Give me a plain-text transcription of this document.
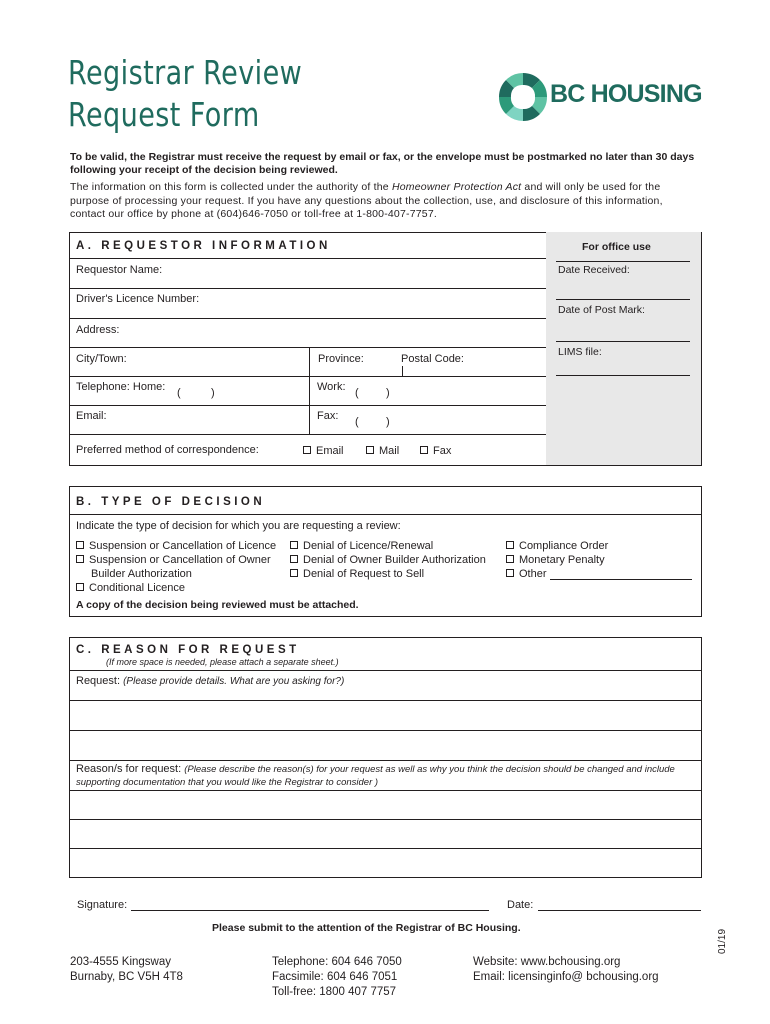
Registrar Review
Request Form
BC HOUSING
To be valid, the Registrar must receive the request by email or fax, or the envelope must be postmarked no later than 30 days
following your receipt of the decision being reviewed.
The information on this form is collected under the authority of the Homeowner Protection Act and will only be used for the
purpose of processing your request. If you have any questions about the collection, use, and disclosure of this information,
contact our office by phone at (604)646-7050 or toll-free at 1-800-407-7757.
A. REQUESTOR INFORMATION	For office use
Requestor Name:
Driver's Licence Number:
Address:
City/Town:	Province:	Postal Code:
Telephone: Home: (	)	Work: ( )
Email:	Fax: ( )
Preferred method of correspondence:	Email	Mail	Fax
Date Received:
Date of Post Mark:
LIMS file:
B. TYPE OF DECISION
Indicate the type of decision for which you are requesting a review:
Suspension or Cancellation of Licence
Suspension or Cancellation of Owner
Builder Authorization
Conditional Licence
Denial of Licence/Renewal
Denial of Owner Builder Authorization
Denial of Request to Sell
Compliance Order
Monetary Penalty
Other
A copy of the decision being reviewed must be attached.
C. REASON FOR REQUEST
(If more space is needed, please attach a separate sheet.)
Request: (Please provide details. What are you asking for?)
Reason/s for request: (Please describe the reason(s) for your request as well as why you think the decision should be changed and include
supporting documentation that you would like the Registrar to consider )
Signature:	Date:
Please submit to the attention of the Registrar of BC Housing.
203-4555 Kingsway
Burnaby, BC V5H 4T8
Telephone: 604 646 7050
Facsimile: 604 646 7051
Toll-free: 1800 407 7757
Website: www.bchousing.org
Email: licensinginfo@ bchousing.org
01/19
